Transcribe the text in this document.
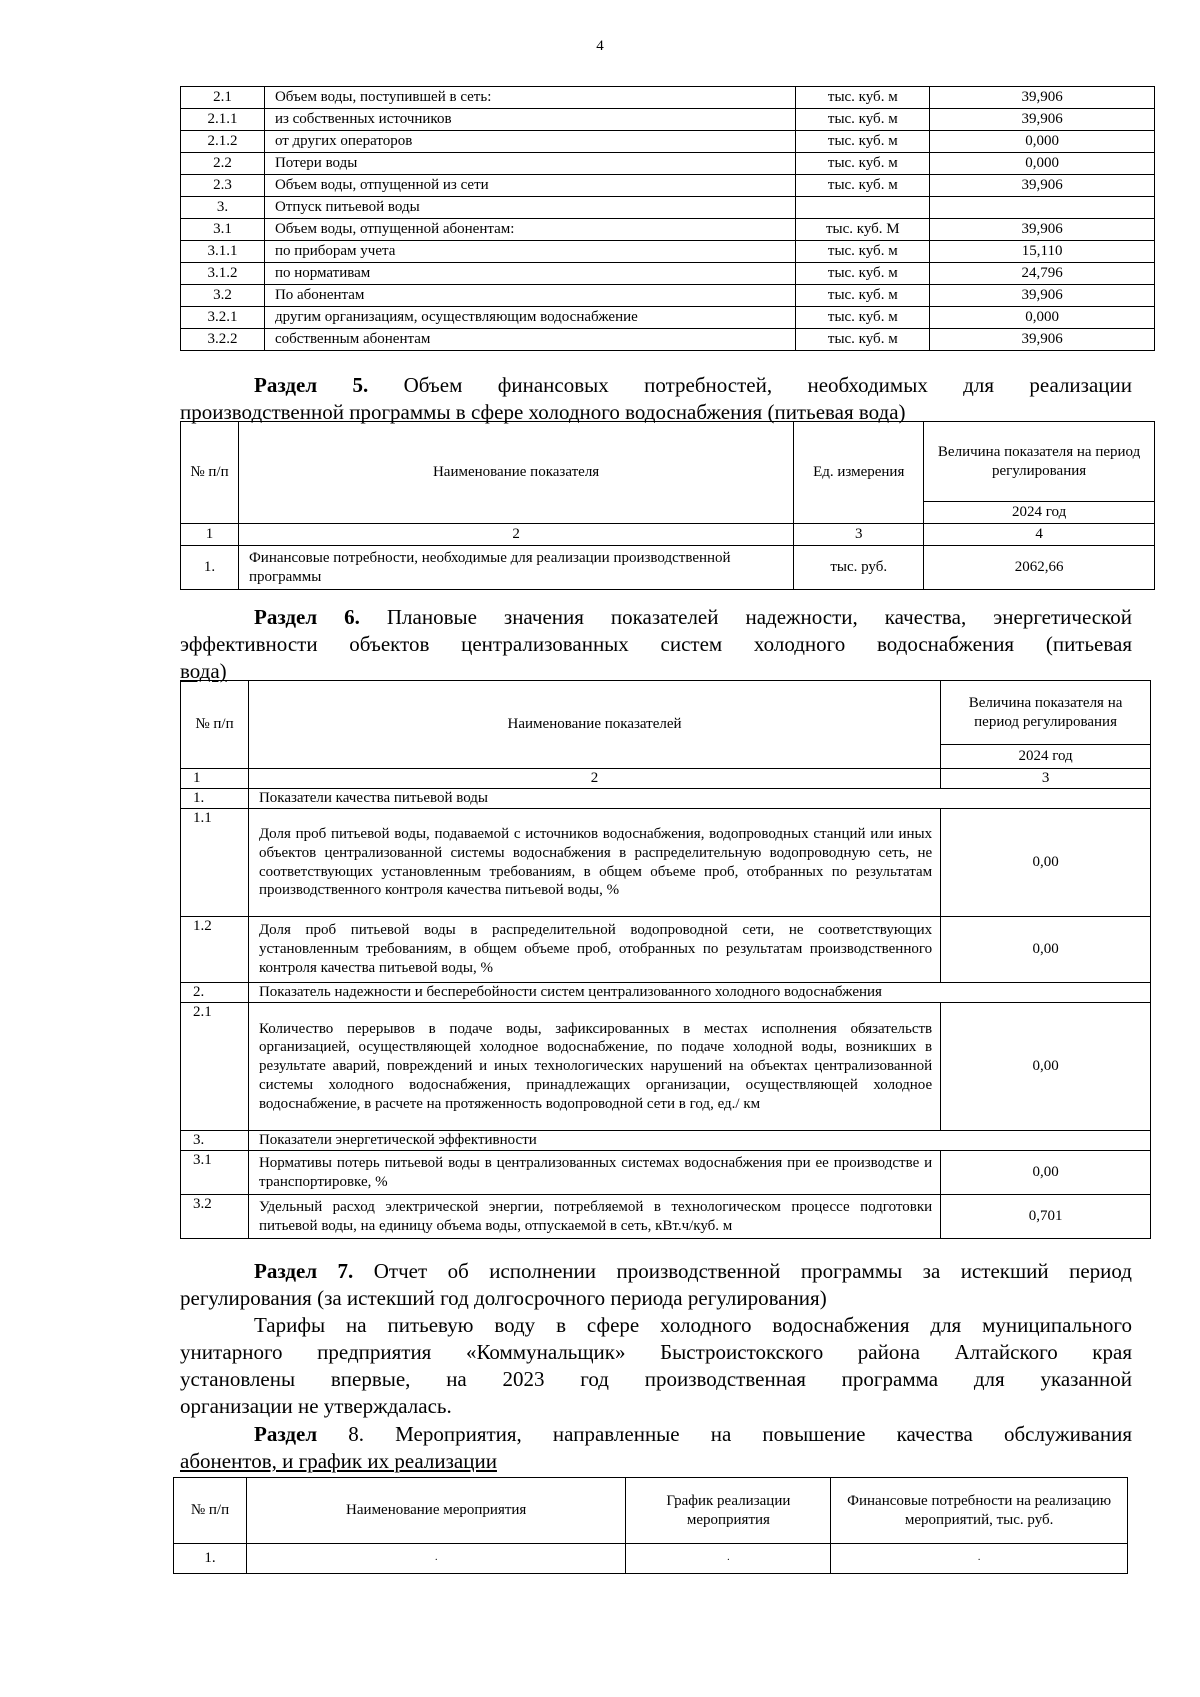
4
2.1	Объем воды, поступившей в сеть:	тыс. куб. м	39,906
2.1.1	из собственных источников	тыс. куб. м	39,906
2.1.2	от других операторов	тыс. куб. м	0,000
2.2	Потери воды	тыс. куб. м	0,000
2.3	Объем воды, отпущенной из сети	тыс. куб. м	39,906
3.	Отпуск питьевой воды		
3.1	Объем воды, отпущенной абонентам:	тыс. куб. М	39,906
3.1.1	по приборам учета	тыс. куб. м	15,110
3.1.2	по нормативам	тыс. куб. м	24,796
3.2	По абонентам	тыс. куб. м	39,906
3.2.1	другим организациям, осуществляющим водоснабжение	тыс. куб. м	0,000
3.2.2	собственным абонентам	тыс. куб. м	39,906
Раздел 5. Объем финансовых потребностей, необходимых для реализации
производственной программы в сфере холодного водоснабжения (питьевая вода)
№ п/п	Наименование показателя	Ед. измерения	Величина показателя на период регулирования
			2024 год
1	2	3	4
1.	Финансовые потребности, необходимые для реализации производственной программы	тыс. руб.	2062,66
Раздел 6. Плановые значения показателей надежности, качества, энергетической
эффективности объектов централизованных систем холодного водоснабжения (питьевая
вода)
№ п/п	Наименование показателей	Величина показателя на период регулирования
		2024 год
1	2	3
1.	Показатели качества питьевой воды	
1.1	Доля проб питьевой воды, подаваемой с источников водоснабжения, водопроводных станций или иных объектов централизованной системы водоснабжения в распределительную водопроводную сеть, не соответствующих установленным требованиям, в общем объеме проб, отобранных по результатам производственного контроля качества питьевой воды, %	0,00
1.2	Доля проб питьевой воды в распределительной водопроводной сети, не соответствующих установленным требованиям, в общем объеме проб, отобранных по результатам производственного контроля качества питьевой воды, %	0,00
2.	Показатель надежности и бесперебойности систем централизованного холодного водоснабжения	
2.1	Количество перерывов в подаче воды, зафиксированных в местах исполнения обязательств организацией, осуществляющей холодное водоснабжение, по подаче холодной воды, возникших в результате аварий, повреждений и иных технологических нарушений на объектах централизованной системы холодного водоснабжения, принадлежащих организации, осуществляющей холодное водоснабжение, в расчете на протяженность водопроводной сети в год, ед./ км	0,00
3.	Показатели энергетической эффективности	
3.1	Нормативы потерь питьевой воды в централизованных системах водоснабжения при ее производстве и транспортировке, %	0,00
3.2	Удельный расход электрической энергии, потребляемой в технологическом процессе подготовки питьевой воды, на единицу объема воды, отпускаемой в сеть, кВт.ч/куб. м	0,701
Раздел 7. Отчет об исполнении производственной программы за истекший период
регулирования (за истекший год долгосрочного периода регулирования)
Тарифы на питьевую воду в сфере холодного водоснабжения для муниципального
унитарного предприятия «Коммунальщик» Быстроистокского района Алтайского края
установлены впервые, на 2023 год производственная программа для указанной
организации не утверждалась.
Раздел 8. Мероприятия, направленные на повышение качества обслуживания
абонентов, и график их реализации
№ п/п	Наименование мероприятия	График реализации мероприятия	Финансовые потребности на реализацию мероприятий, тыс. руб.
1.	.	.	.
